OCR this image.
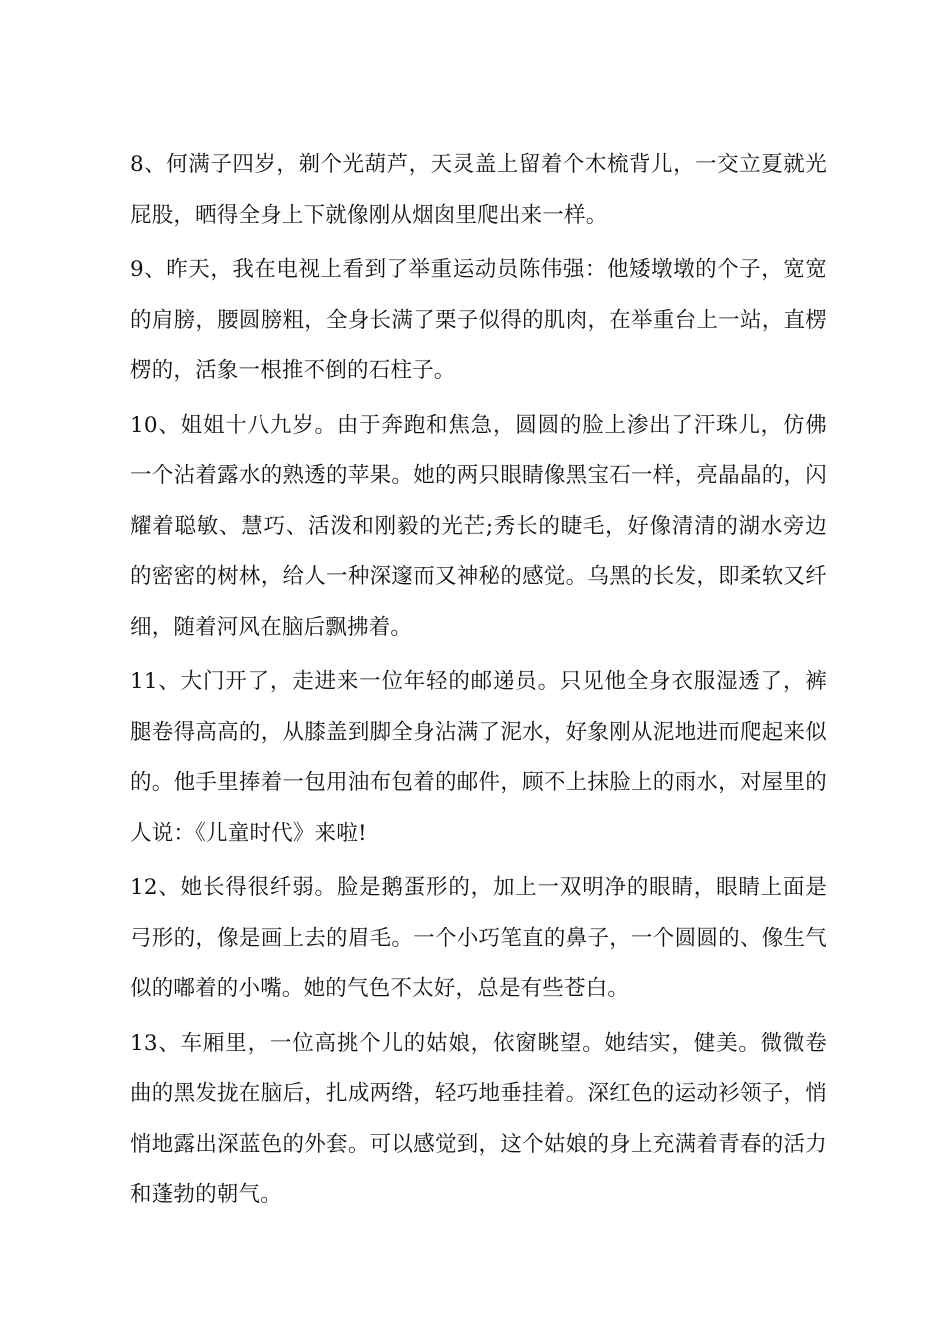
8、何满子四岁，剃个光葫芦，天灵盖上留着个木梳背儿，一交立夏就光屁股，晒得全身上下就像刚从烟囱里爬出来一样。

9、昨天，我在电视上看到了举重运动员陈伟强：他矮墩墩的个子，宽宽的肩膀，腰圆膀粗，全身长满了栗子似得的肌肉，在举重台上一站，直楞楞的，活象一根推不倒的石柱子。

10、姐姐十八九岁。由于奔跑和焦急，圆圆的脸上渗出了汗珠儿，仿佛一个沾着露水的熟透的苹果。她的两只眼睛像黑宝石一样，亮晶晶的，闪耀着聪敏、慧巧、活泼和刚毅的光芒;秀长的睫毛，好像清清的湖水旁边的密密的树林，给人一种深邃而又神秘的感觉。乌黑的长发，即柔软又纤细，随着河风在脑后飘拂着。

11、大门开了，走进来一位年轻的邮递员。只见他全身衣服湿透了，裤腿卷得高高的，从膝盖到脚全身沾满了泥水，好象刚从泥地进而爬起来似的。他手里捧着一包用油布包着的邮件，顾不上抹脸上的雨水，对屋里的人说：《儿童时代》来啦!

12、她长得很纤弱。脸是鹅蛋形的，加上一双明净的眼睛，眼睛上面是弓形的，像是画上去的眉毛。一个小巧笔直的鼻子，一个圆圆的、像生气似的嘟着的小嘴。她的气色不太好，总是有些苍白。

13、车厢里，一位高挑个儿的姑娘，依窗眺望。她结实，健美。微微卷曲的黑发拢在脑后，扎成两绺，轻巧地垂挂着。深红色的运动衫领子，悄悄地露出深蓝色的外套。可以感觉到，这个姑娘的身上充满着青春的活力和蓬勃的朝气。
